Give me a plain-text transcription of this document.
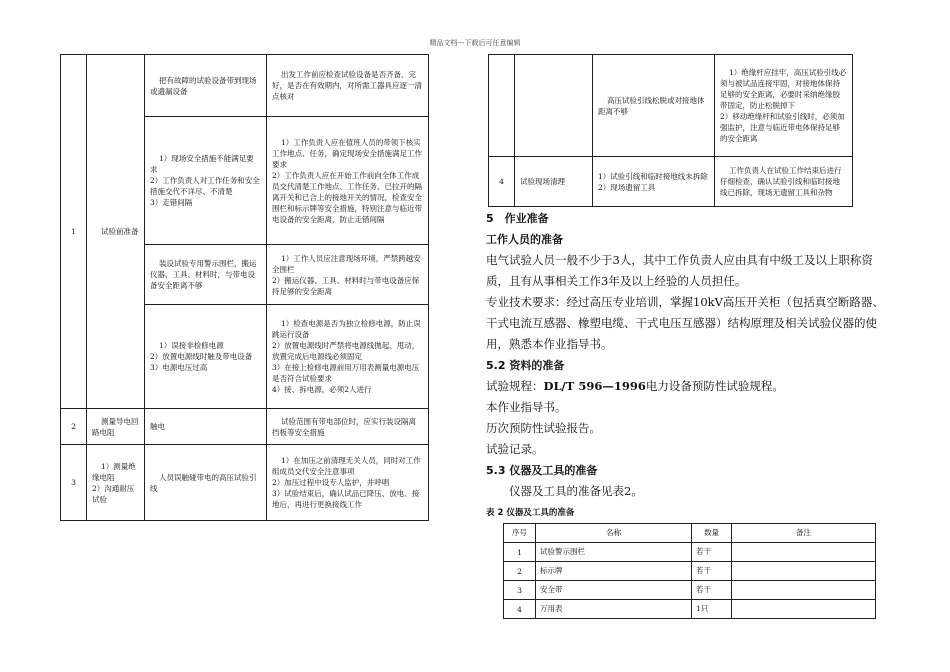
精品文档---下载后可任意编辑
1	试验前准备	把有故障的试验设备带到现场或遗漏设备	出发工作前应检查试验设备是否齐备、完好，是否在有效期内，对所需工器具应逐一清点核对
		1）现场安全措施不能满足要求
2）工作负责人对工作任务和安全措施交代不详尽、不清楚
3）走错间隔	1）工作负责人应在值班人员的带领下核实工作地点、任务，确定现场安全措施满足工作要求
2）工作负责人应在开始工作前向全体工作成员交代清楚工作地点、工作任务、已拉开的隔离开关和已合上的接地开关的情况，检查安全围栏和标示牌等安全措施，特别注意与临近带电设备的安全距离，防止走错间隔
		装设试验专用警示围栏，搬运仪器、工具、材料时，与带电设备安全距离不够	1）工作人员应注意现场环境，严禁跨越安全围栏
2）搬运仪器、工具、材料时与带电设备应保持足够的安全距离
		1）误接非检修电源
2）放置电源线时触及带电设备
3）电源电压过高	1）检查电源是否为独立检修电源，防止误跳运行设备
2）放置电源线时严禁将电源线拋起、甩动，放置完成后电源线必须固定
3）在接上检修电源前用万用表测量电源电压是否符合试验要求
4）接、拆电源，必须2人进行
2	测量导电回路电阻	触电	试验范围有带电部位时，应实行装设隔离挡板等安全措施
3	1）测量绝缘电阻
2）沟通耐压试验	人员误触碰带电的高压试验引线	1）在加压之前清理无关人员，同时对工作组成员交代安全注意事项
2）加压过程中设专人监护，并呼唱
3）试验结束后，确认试品已降压、放电、接地后，再进行更换接线工作
		高压试验引线松脱或对接地体距离不够	1）绝缘杆应挂牢，高压试验引线必须与被试品连接牢固，对接地体保持足够的安全距离，必要时采纳绝缘胶带固定，防止松脱掉下
2）移动绝缘杆和试验引线时，必须加强监护，注意与临近带电体保持足够的安全距离
4	试验现场清理	1）试验引线和临时接地线未拆除
2）现场遗留工具	工作负责人在试验工作结束后进行仔细检查，确认试验引线和临时接地线已拆除，现场无遗留工具和杂物

5　作业准备

工作人员的准备

电气试验人员一般不少于3人，其中工作负责人应由具有中级工及以上职称资质，且有从事相关工作3年及以上经验的人员担任。

专业技术要求：经过高压专业培训，掌握10kV高压开关柜（包括真空断路器、干式电流互感器、橡塑电缆、干式电压互感器）结构原理及相关试验仪器的使用，熟悉本作业指导书。

5.2 资料的准备

试验规程：DL/T 596—1996电力设备预防性试验规程。

本作业指导书。

历次预防性试验报告。

试验记录。

5.3 仪器及工具的准备

仪器及工具的准备见表2。

表 2 仪器及工具的准备
序号	名称	数量	备注
1	试验警示围栏	若干	
2	标示牌	若干	
3	安全带	若干	
4	万用表	1只	
